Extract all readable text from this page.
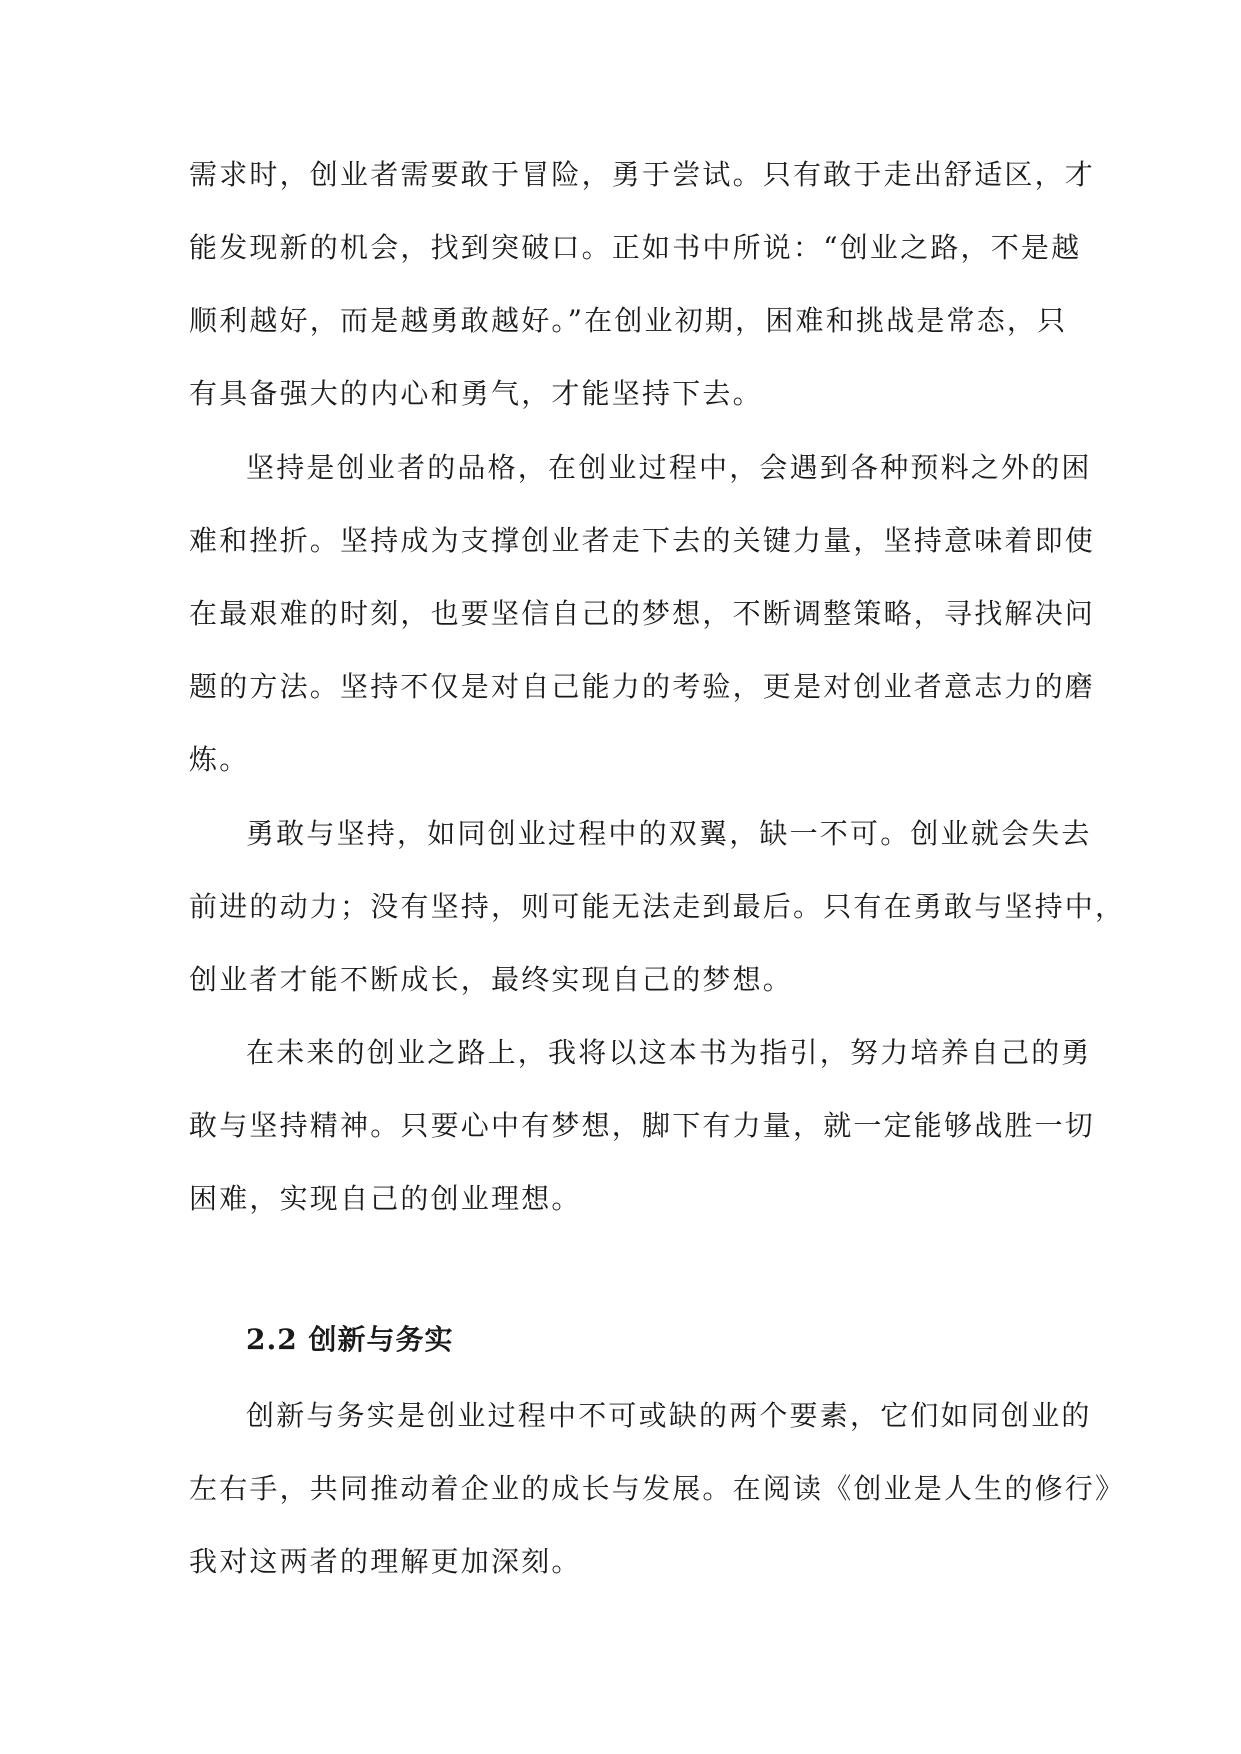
需求时，创业者需要敢于冒险，勇于尝试。只有敢于走出舒适区，才
能发现新的机会，找到突破口。正如书中所说：“创业之路，不是越
顺利越好，而是越勇敢越好。”在创业初期，困难和挑战是常态，只
有具备强大的内心和勇气，才能坚持下去。
坚持是创业者的品格，在创业过程中，会遇到各种预料之外的困
难和挫折。坚持成为支撑创业者走下去的关键力量，坚持意味着即使
在最艰难的时刻，也要坚信自己的梦想，不断调整策略，寻找解决问
题的方法。坚持不仅是对自己能力的考验，更是对创业者意志力的磨
炼。
勇敢与坚持，如同创业过程中的双翼，缺一不可。创业就会失去
前进的动力；没有坚持，则可能无法走到最后。只有在勇敢与坚持中，
创业者才能不断成长，最终实现自己的梦想。
在未来的创业之路上，我将以这本书为指引，努力培养自己的勇
敢与坚持精神。只要心中有梦想，脚下有力量，就一定能够战胜一切
困难，实现自己的创业理想。
2.2 创新与务实
创新与务实是创业过程中不可或缺的两个要素，它们如同创业的
左右手，共同推动着企业的成长与发展。在阅读《创业是人生的修行》
我对这两者的理解更加深刻。
